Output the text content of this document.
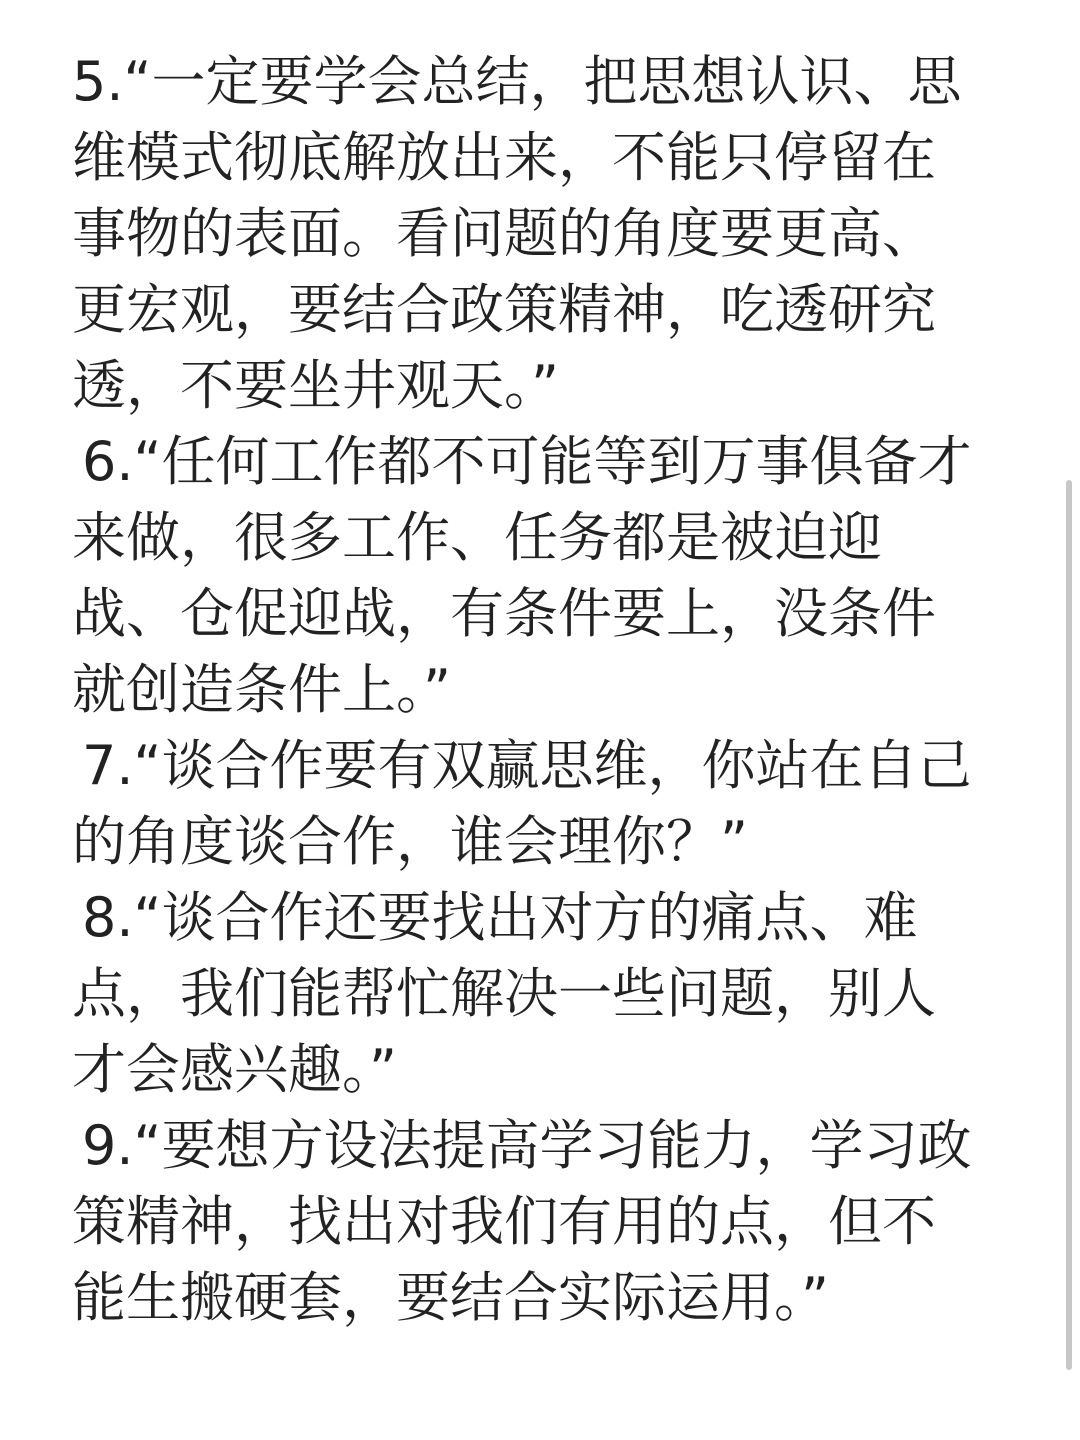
5.“一定要学会总结，把思想认识、思
维模式彻底解放出来，不能只停留在
事物的表面。看问题的角度要更高、
更宏观，要结合政策精神，吃透研究
透，不要坐井观天。”
6.“任何工作都不可能等到万事俱备才
来做，很多工作、任务都是被迫迎
战、仓促迎战，有条件要上，没条件
就创造条件上。”
7.“谈合作要有双赢思维，你站在自己
的角度谈合作，谁会理你？”
8.“谈合作还要找出对方的痛点、难
点，我们能帮忙解决一些问题，别人
才会感兴趣。”
9.“要想方设法提高学习能力，学习政
策精神，找出对我们有用的点，但不
能生搬硬套，要结合实际运用。”
